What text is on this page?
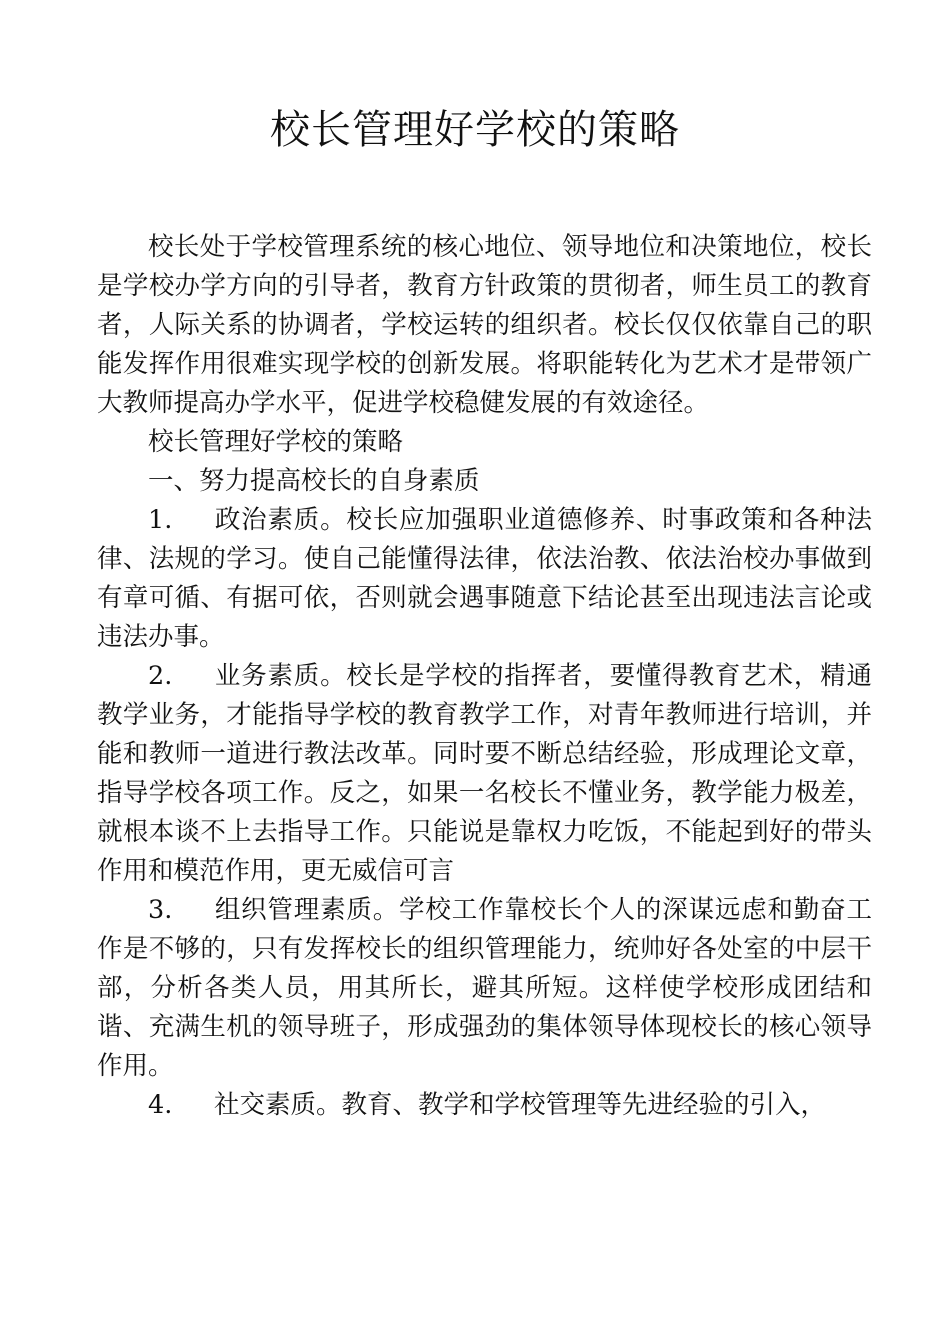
校长管理好学校的策略

校长处于学校管理系统的核心地位、领导地位和决策地位，校长是学校办学方向的引导者，教育方针政策的贯彻者，师生员工的教育者，人际关系的协调者，学校运转的组织者。校长仅仅依靠自己的职能发挥作用很难实现学校的创新发展。将职能转化为艺术才是带领广大教师提高办学水平，促进学校稳健发展的有效途径。

校长管理好学校的策略

一、努力提高校长的自身素质

1. 政治素质。校长应加强职业道德修养、时事政策和各种法律、法规的学习。使自己能懂得法律，依法治教、依法治校办事做到有章可循、有据可依，否则就会遇事随意下结论甚至出现违法言论或违法办事。

2. 业务素质。校长是学校的指挥者，要懂得教育艺术，精通教学业务，才能指导学校的教育教学工作，对青年教师进行培训，并能和教师一道进行教法改革。同时要不断总结经验，形成理论文章，指导学校各项工作。反之，如果一名校长不懂业务，教学能力极差，就根本谈不上去指导工作。只能说是靠权力吃饭，不能起到好的带头作用和模范作用，更无威信可言

3. 组织管理素质。学校工作靠校长个人的深谋远虑和勤奋工作是不够的，只有发挥校长的组织管理能力，统帅好各处室的中层干部，分析各类人员，用其所长，避其所短。这样使学校形成团结和谐、充满生机的领导班子，形成强劲的集体领导体现校长的核心领导作用。

4. 社交素质。教育、教学和学校管理等先进经验的引入，
